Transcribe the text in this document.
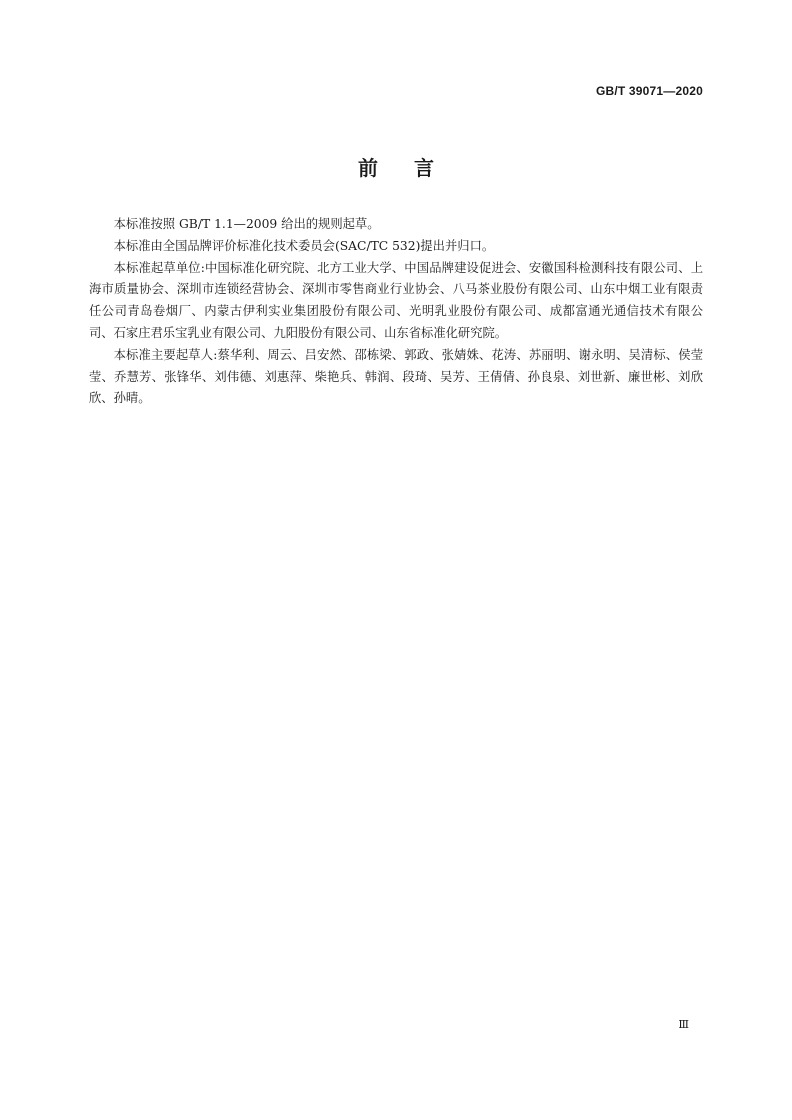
GB/T 39071—2020
前言

本标准按照 GB/T 1.1—2009 给出的规则起草。

本标准由全国品牌评价标准化技术委员会(SAC/TC 532)提出并归口。

本标准起草单位:中国标准化研究院、北方工业大学、中国品牌建设促进会、安徽国科检测科技有限公司、上海市质量协会、深圳市连锁经营协会、深圳市零售商业行业协会、八马茶业股份有限公司、山东中烟工业有限责任公司青岛卷烟厂、内蒙古伊利实业集团股份有限公司、光明乳业股份有限公司、成都富通光通信技术有限公司、石家庄君乐宝乳业有限公司、九阳股份有限公司、山东省标准化研究院。

本标准主要起草人:蔡华利、周云、吕安然、邵栋梁、郭政、张婧姝、花涛、苏丽明、谢永明、吴清标、侯莹莹、乔慧芳、张锋华、刘伟德、刘惠萍、柴艳兵、韩润、段琦、吴芳、王倩倩、孙良泉、刘世新、廉世彬、刘欣欣、孙晴。

Ⅲ
